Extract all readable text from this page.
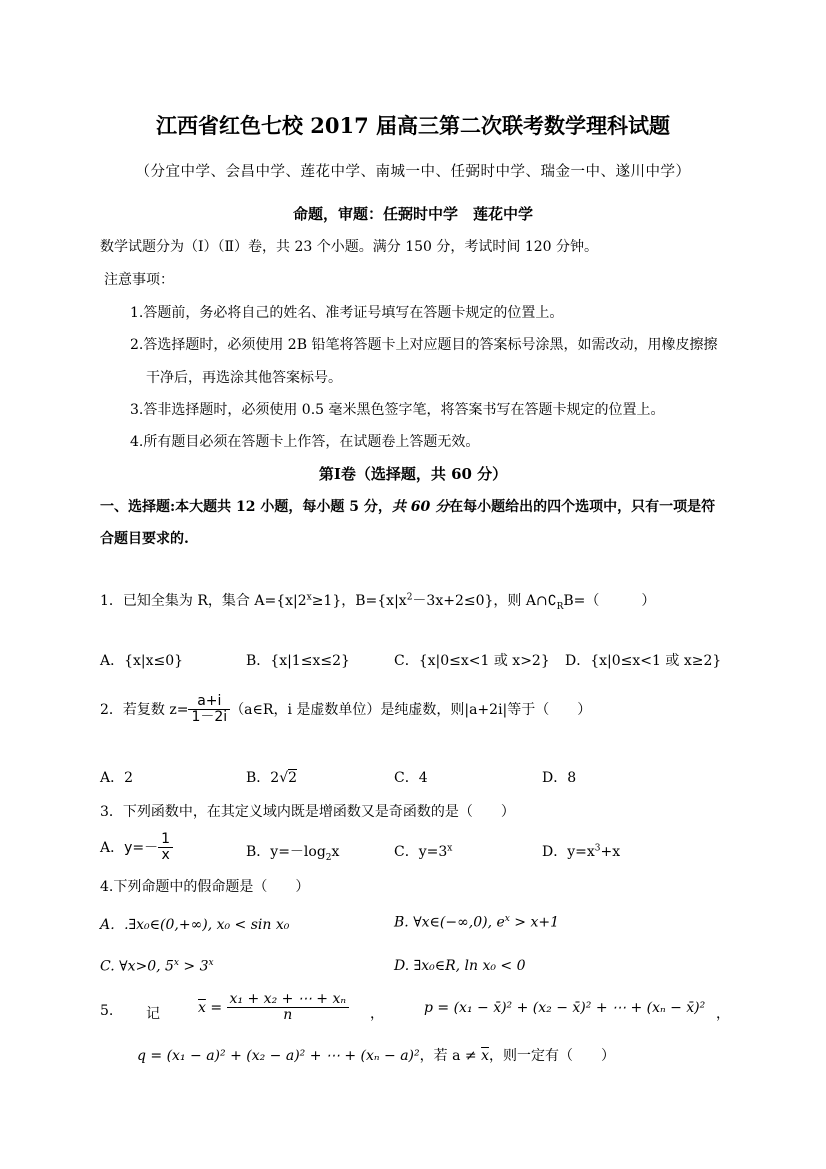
江西省红色七校 2017 届高三第二次联考数学理科试题
（分宜中学、会昌中学、莲花中学、南城一中、任弼时中学、瑞金一中、遂川中学）
命题，审题：任弼时中学　莲花中学
数学试题分为（Ⅰ）（Ⅱ）卷，共 23 个小题。满分 150 分，考试时间 120 分钟。
注意事项：
1.答题前，务必将自己的姓名、准考证号填写在答题卡规定的位置上。
2.答选择题时，必须使用 2B 铅笔将答题卡上对应题目的答案标号涂黑，如需改动，用橡皮擦擦
干净后，再选涂其他答案标号。
3.答非选择题时，必须使用 0.5 毫米黑色签字笔，将答案书写在答题卡规定的位置上。
4.所有题目必须在答题卡上作答，在试题卷上答题无效。
第Ⅰ卷（选择题，共 60 分）
一、选择题:本大题共 12 小题，每小题 5 分，共 60 分在每小题给出的四个选项中，只有一项是符
合题目要求的.
1．已知全集为 R，集合 $A=\{x|2^x\ge 1\}$，$B=\{x|x^2-3x+2\le 0\}$，则 $A\cap∁_RB=$（　　　）
A．{x|x≤0}	B．{x|1≤x≤2}	C．{x|0≤x<1 或 x>2} D．{x|0≤x<1 或 x≥2}
2．若复数 $z= \frac{a+i}{1-2i}$ （a∈R，i 是虚数单位）是纯虚数，则|a+2i|等于（　　）
A．2	B．2√2	C．4	D．8
3．下列函数中，在其定义域内既是增函数又是奇函数的是（　　）
A．$y=- \frac{1}{x}$	B．$y=-\log_2x$	C．$y=3^x$	D．$y=x^3+x$
4.下列命题中的假命题是（　　）
A．.∃x₀∈(0,+∞), x₀ < sin x₀	B. ∀x∈(−∞,0), $e^x > x+1$
C. ∀x>0, $5^x > 3^x$	D. ∃x₀∈R, ln x₀ < 0
5. 记	$\overline{x} = \frac{\text{x₁ + x₂ + ⋯ + xₙ}}{n}$ ，	p = (x₁ − x̄)² + (x₂ − x̄)² + ⋯ + (xₙ − x̄)² ，
q = (x₁ − a)² + (x₂ − a)² + ⋯ + (xₙ − a)²，若 $a \ne \overline{x}$，则一定有（　　）
